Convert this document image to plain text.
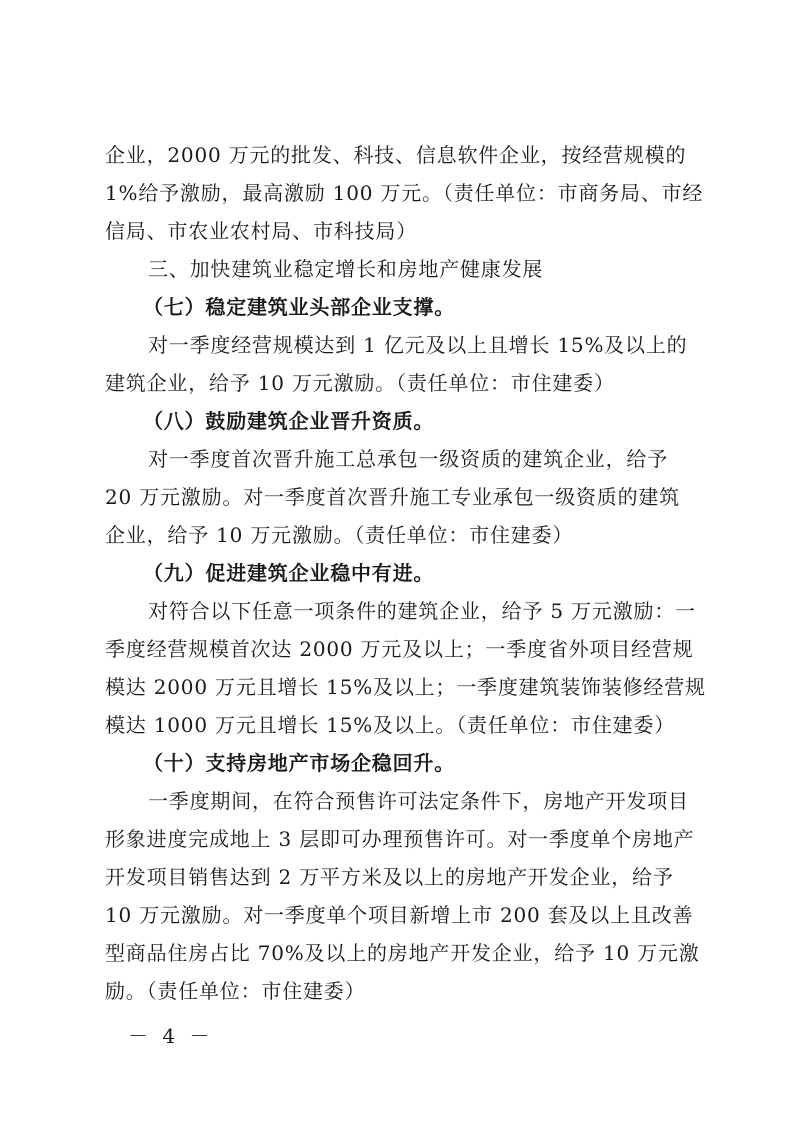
企业，2000 万元的批发、科技、信息软件企业，按经营规模的
1%给予激励，最高激励 100 万元。（责任单位：市商务局、市经
信局、市农业农村局、市科技局）
三、加快建筑业稳定增长和房地产健康发展
（七）稳定建筑业头部企业支撑。
对一季度经营规模达到 1 亿元及以上且增长 15%及以上的
建筑企业，给予 10 万元激励。（责任单位：市住建委）
（八）鼓励建筑企业晋升资质。
对一季度首次晋升施工总承包一级资质的建筑企业，给予
20 万元激励。对一季度首次晋升施工专业承包一级资质的建筑
企业，给予 10 万元激励。（责任单位：市住建委）
（九）促进建筑企业稳中有进。
对符合以下任意一项条件的建筑企业，给予 5 万元激励：一
季度经营规模首次达 2000 万元及以上；一季度省外项目经营规
模达 2000 万元且增长 15%及以上；一季度建筑装饰装修经营规
模达 1000 万元且增长 15%及以上。（责任单位：市住建委）
（十）支持房地产市场企稳回升。
一季度期间，在符合预售许可法定条件下，房地产开发项目
形象进度完成地上 3 层即可办理预售许可。对一季度单个房地产
开发项目销售达到 2 万平方米及以上的房地产开发企业，给予
10 万元激励。对一季度单个项目新增上市 200 套及以上且改善
型商品住房占比 70%及以上的房地产开发企业，给予 10 万元激
励。（责任单位：市住建委）
－ 4 －
